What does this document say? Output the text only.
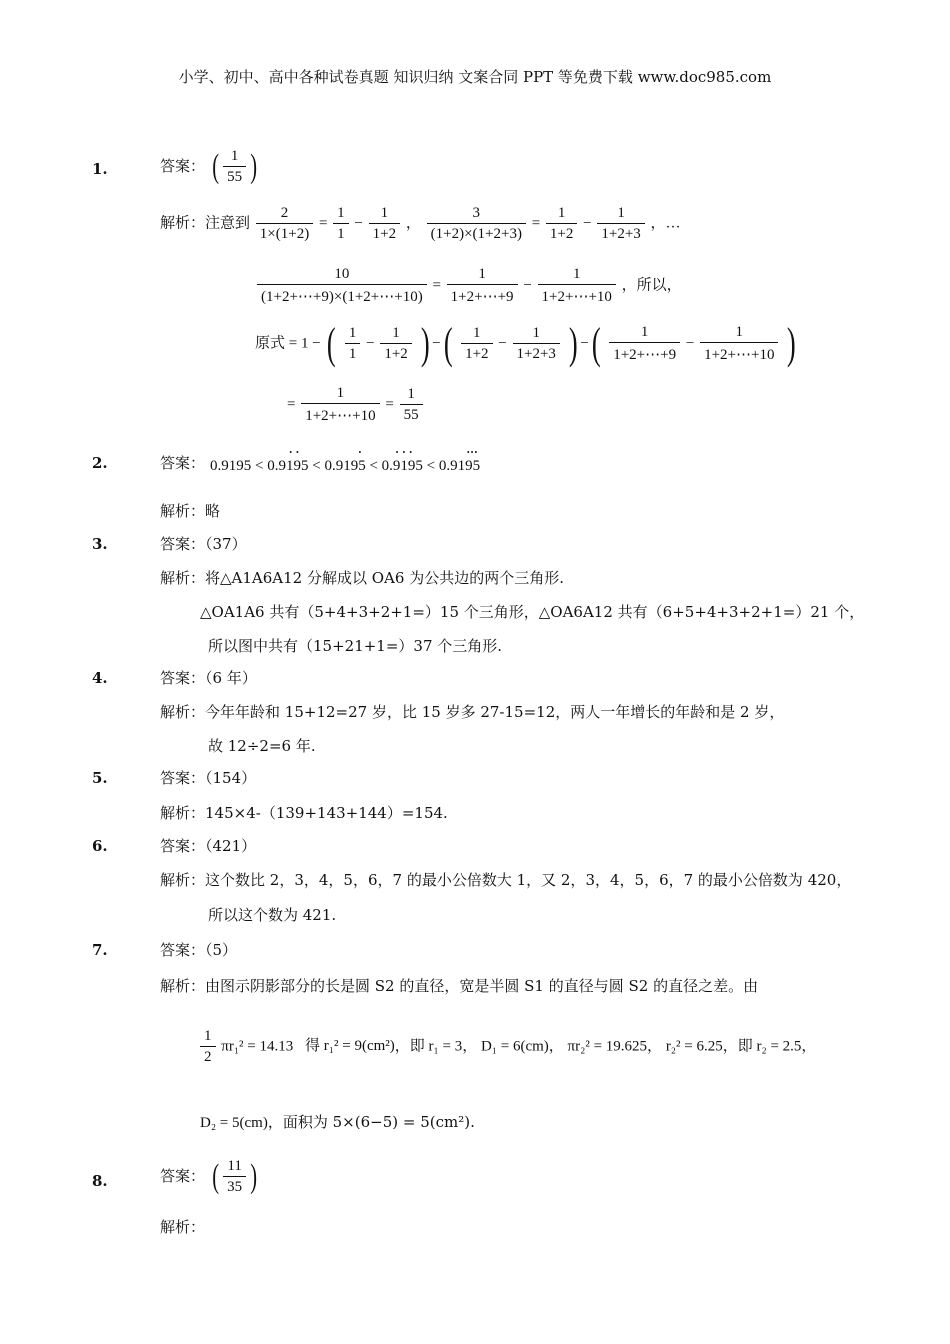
小学、初中、高中各种试卷真题 知识归纳 文案合同 PPT 等免费下载 www.doc985.com
1.	答案： ( $\frac{1}{55}$ )
解析：注意到 $\frac{2}{1\times(1+2)} = \frac{1}{1} - \frac{1}{1+2}$ ， $\frac{3}{(1+2)\times(1+2+3)} = \frac{1}{1+2} - \frac{1}{1+2+3}$ ，…
$\frac{10}{(1+2+\cdots+9)\times(1+2+\cdots+10)} = \frac{1}{1+2+\cdots+9} - \frac{1}{1+2+\cdots+10}$ ，所以，
原式 = 1 − ( $\frac{1}{1} - \frac{1}{1+2}$ ) −( $\frac{1}{1+2} - \frac{1}{1+2+3}$ ) −( $\frac{1}{1+2+\cdots+9} - \frac{1}{1+2+\cdots+10}$ )
= $\frac{1}{1+2+\cdots+10} = \frac{1}{55}$
2.	答案： 0.9195 <
• •
0.9195 <
•
0.9195 <
• • •
0.9195 <
•••
0.9195
解析：略
3.	答案：（37）
解析：将△A1A6A12 分解成以 OA6 为公共边的两个三角形.
△OA1A6 共有（5+4+3+2+1=）15 个三角形，△OA6A12 共有（6+5+4+3+2+1=）21 个，
所以图中共有（15+21+1=）37 个三角形.
4.	答案：（6 年）
解析：今年年龄和 15+12=27 岁，比 15 岁多 27-15=12，两人一年增长的年龄和是 2 岁，
故 12÷2=6 年.
5.	答案：（154）
解析：145×4-（139+143+144）=154.
6.	答案：（421）
解析：这个数比 2，3，4，5，6，7 的最小公倍数大 1，又 2，3，4，5，6，7 的最小公倍数为 420，
所以这个数为 421.
7.	答案：（5）
解析：由图示阴影部分的长是圆 S2 的直径，宽是半圆 S1 的直径与圆 S2 的直径之差。由
$\frac{1}{2} \pi r_1^2 = 14.13$ 得 r₁² = 9(cm²)，即 r₁ = 3， D₁ = 6(cm)， πr₂² = 19.625， r₂² = 6.25，即 r₂ = 2.5，
D₂ = 5(cm)，面积为 5×(6−5) = 5(cm²).
8.	答案： ( $\frac{11}{35}$ )
解析：
